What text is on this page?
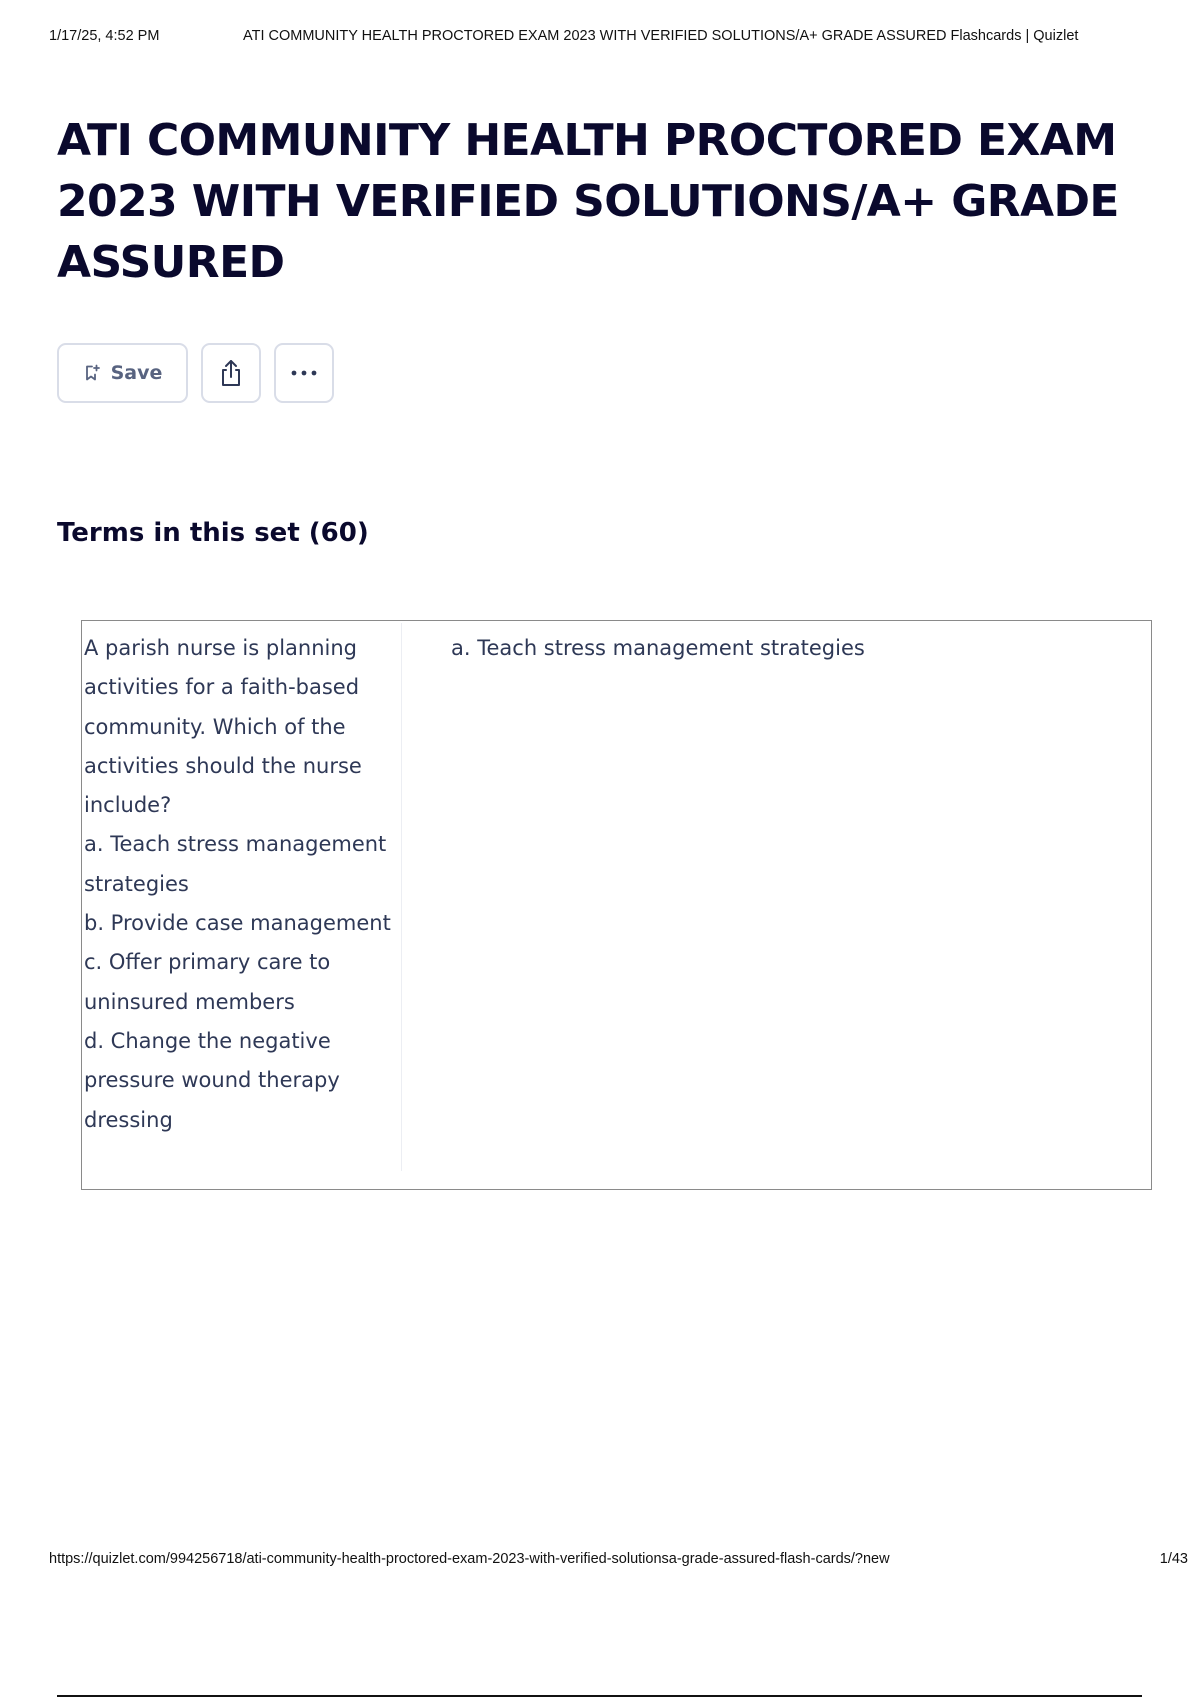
1/17/25, 4:52 PM	ATI COMMUNITY HEALTH PROCTORED EXAM 2023 WITH VERIFIED SOLUTIONS/A+ GRADE ASSURED Flashcards | Quizlet
ATI COMMUNITY HEALTH PROCTORED EXAM 2023 WITH VERIFIED SOLUTIONS/A+ GRADE ASSURED
Save
Terms in this set (60)
A parish nurse is planning activities for a faith-based community. Which of the activities should the nurse include?
a. Teach stress management strategies
b. Provide case management
c. Offer primary care to uninsured members
d. Change the negative pressure wound therapy dressing
a. Teach stress management strategies
https://quizlet.com/994256718/ati-community-health-proctored-exam-2023-with-verified-solutionsa-grade-assured-flash-cards/?new	1/43
